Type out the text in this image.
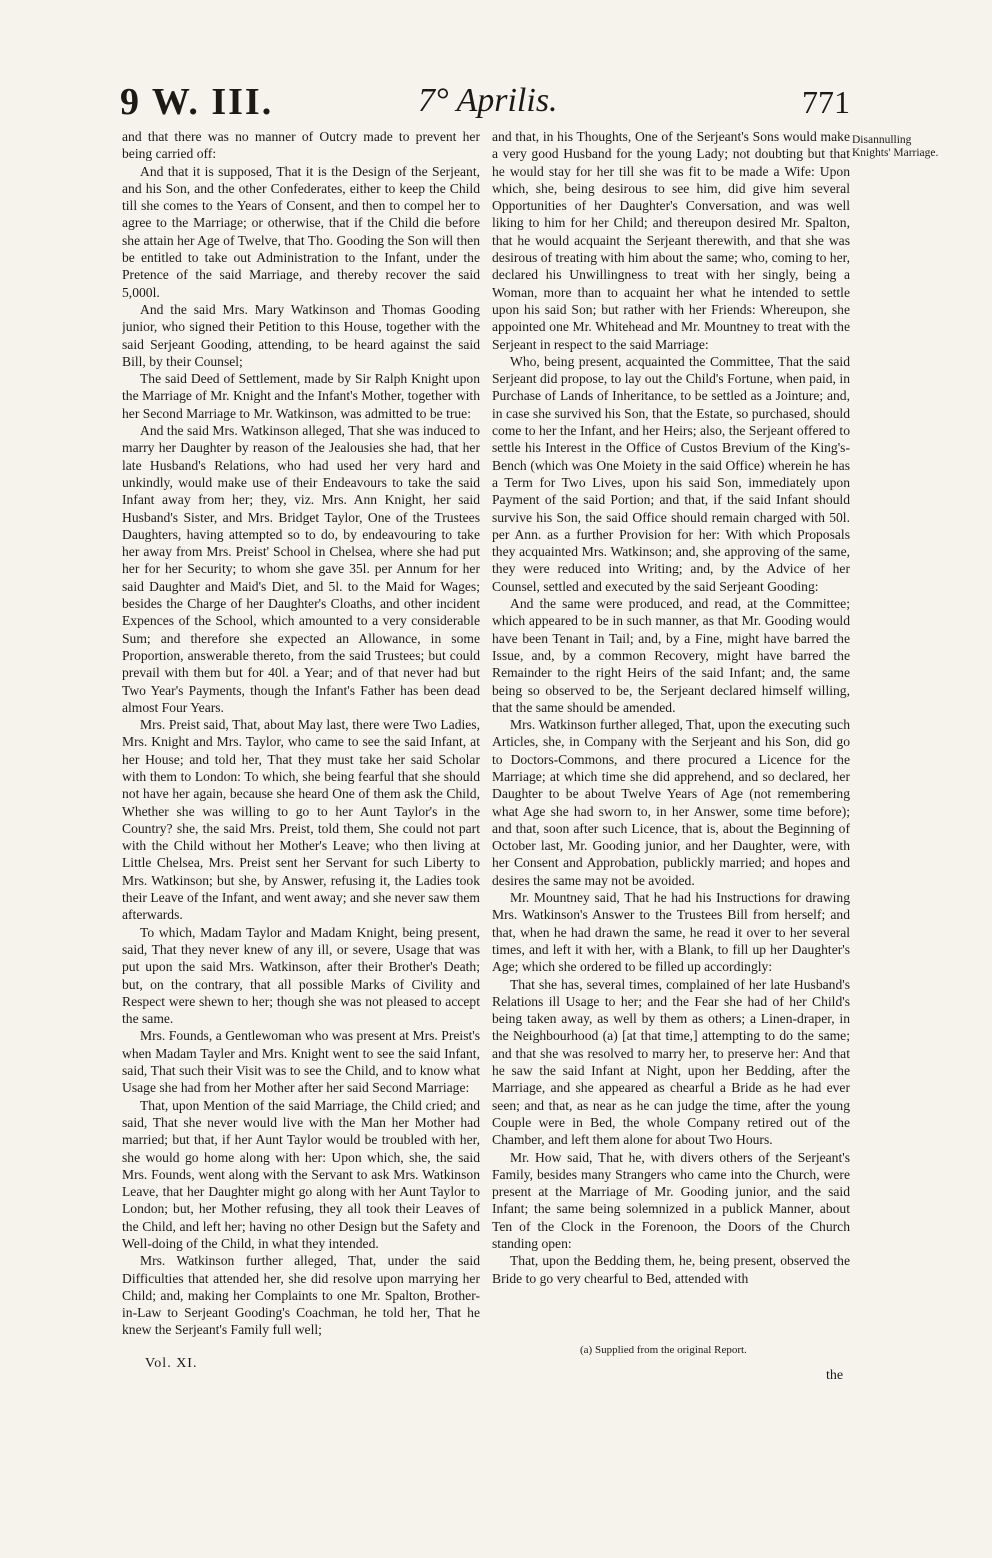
9 W. III.	7° Aprilis.	771

and that there was no manner of Outcry made to prevent her being carried off:

And that it is supposed, That it is the Design of the Serjeant, and his Son, and the other Confederates, either to keep the Child till she comes to the Years of Consent, and then to compel her to agree to the Marriage; or otherwise, that if the Child die before she attain her Age of Twelve, that Tho. Gooding the Son will then be entitled to take out Administration to the Infant, under the Pretence of the said Marriage, and thereby recover the said 5,000l.

And the said Mrs. Mary Watkinson and Thomas Gooding junior, who signed their Petition to this House, together with the said Serjeant Gooding, attending, to be heard against the said Bill, by their Counsel;

The said Deed of Settlement, made by Sir Ralph Knight upon the Marriage of Mr. Knight and the Infant's Mother, together with her Second Marriage to Mr. Watkinson, was admitted to be true:

And the said Mrs. Watkinson alleged, That she was induced to marry her Daughter by reason of the Jealousies she had, that her late Husband's Relations, who had used her very hard and unkindly, would make use of their Endeavours to take the said Infant away from her; they, viz. Mrs. Ann Knight, her said Husband's Sister, and Mrs. Bridget Taylor, One of the Trustees Daughters, having attempted so to do, by endeavouring to take her away from Mrs. Preist' School in Chelsea, where she had put her for her Security; to whom she gave 35l. per Annum for her said Daughter and Maid's Diet, and 5l. to the Maid for Wages; besides the Charge of her Daughter's Cloaths, and other incident Expences of the School, which amounted to a very considerable Sum; and therefore she expected an Allowance, in some Proportion, answerable thereto, from the said Trustees; but could prevail with them but for 40l. a Year; and of that never had but Two Year's Payments, though the Infant's Father has been dead almost Four Years.

Mrs. Preist said, That, about May last, there were Two Ladies, Mrs. Knight and Mrs. Taylor, who came to see the said Infant, at her House; and told her, That they must take her said Scholar with them to London: To which, she being fearful that she should not have her again, because she heard One of them ask the Child, Whether she was willing to go to her Aunt Taylor's in the Country? she, the said Mrs. Preist, told them, She could not part with the Child without her Mother's Leave; who then living at Little Chelsea, Mrs. Preist sent her Servant for such Liberty to Mrs. Watkinson; but she, by Answer, refusing it, the Ladies took their Leave of the Infant, and went away; and she never saw them afterwards.

To which, Madam Taylor and Madam Knight, being present, said, That they never knew of any ill, or severe, Usage that was put upon the said Mrs. Watkinson, after their Brother's Death; but, on the contrary, that all possible Marks of Civility and Respect were shewn to her; though she was not pleased to accept the same.

Mrs. Founds, a Gentlewoman who was present at Mrs. Preist's when Madam Tayler and Mrs. Knight went to see the said Infant, said, That such their Visit was to see the Child, and to know what Usage she had from her Mother after her said Second Marriage:

That, upon Mention of the said Marriage, the Child cried; and said, That she never would live with the Man her Mother had married; but that, if her Aunt Taylor would be troubled with her, she would go home along with her: Upon which, she, the said Mrs. Founds, went along with the Servant to ask Mrs. Watkinson Leave, that her Daughter might go along with her Aunt Taylor to London; but, her Mother refusing, they all took their Leaves of the Child, and left her; having no other Design but the Safety and Well-doing of the Child, in what they intended.

Mrs. Watkinson further alleged, That, under the said Difficulties that attended her, she did resolve upon marrying her Child; and, making her Complaints to one Mr. Spalton, Brother-in-Law to Serjeant Gooding's Coachman, he told her, That he knew the Serjeant's Family full well;

and that, in his Thoughts, One of the Serjeant's Sons would make a very good Husband for the young Lady; not doubting but that he would stay for her till she was fit to be made a Wife: Upon which, she, being desirous to see him, did give him several Opportunities of her Daughter's Conversation, and was well liking to him for her Child; and thereupon desired Mr. Spalton, that he would acquaint the Serjeant therewith, and that she was desirous of treating with him about the same; who, coming to her, declared his Unwillingness to treat with her singly, being a Woman, more than to acquaint her what he intended to settle upon his said Son; but rather with her Friends: Whereupon, she appointed one Mr. Whitehead and Mr. Mountney to treat with the Serjeant in respect to the said Marriage:

Who, being present, acquainted the Committee, That the said Serjeant did propose, to lay out the Child's Fortune, when paid, in Purchase of Lands of Inheritance, to be settled as a Jointure; and, in case she survived his Son, that the Estate, so purchased, should come to her the Infant, and her Heirs; also, the Serjeant offered to settle his Interest in the Office of Custos Brevium of the King's-Bench (which was One Moiety in the said Office) wherein he has a Term for Two Lives, upon his said Son, immediately upon Payment of the said Portion; and that, if the said Infant should survive his Son, the said Office should remain charged with 50l. per Ann. as a further Provision for her: With which Proposals they acquainted Mrs. Watkinson; and, she approving of the same, they were reduced into Writing; and, by the Advice of her Counsel, settled and executed by the said Serjeant Gooding:

And the same were produced, and read, at the Committee; which appeared to be in such manner, as that Mr. Gooding would have been Tenant in Tail; and, by a Fine, might have barred the Issue, and, by a common Recovery, might have barred the Remainder to the right Heirs of the said Infant; and, the same being so observed to be, the Serjeant declared himself willing, that the same should be amended.

Mrs. Watkinson further alleged, That, upon the executing such Articles, she, in Company with the Serjeant and his Son, did go to Doctors-Commons, and there procured a Licence for the Marriage; at which time she did apprehend, and so declared, her Daughter to be about Twelve Years of Age (not remembering what Age she had sworn to, in her Answer, some time before); and that, soon after such Licence, that is, about the Beginning of October last, Mr. Gooding junior, and her Daughter, were, with her Consent and Approbation, publickly married; and hopes and desires the same may not be avoided.

Mr. Mountney said, That he had his Instructions for drawing Mrs. Watkinson's Answer to the Trustees Bill from herself; and that, when he had drawn the same, he read it over to her several times, and left it with her, with a Blank, to fill up her Daughter's Age; which she ordered to be filled up accordingly:

That she has, several times, complained of her late Husband's Relations ill Usage to her; and the Fear she had of her Child's being taken away, as well by them as others; a Linen-draper, in the Neighbourhood (a) [at that time,] attempting to do the same; and that she was resolved to marry her, to preserve her: And that he saw the said Infant at Night, upon her Bedding, after the Marriage, and she appeared as chearful a Bride as he had ever seen; and that, as near as he can judge the time, after the young Couple were in Bed, the whole Company retired out of the Chamber, and left them alone for about Two Hours.

Mr. How said, That he, with divers others of the Serjeant's Family, besides many Strangers who came into the Church, were present at the Marriage of Mr. Gooding junior, and the said Infant; the same being solemnized in a publick Manner, about Ten of the Clock in the Forenoon, the Doors of the Church standing open:

That, upon the Bedding them, he, being present, observed the Bride to go very chearful to Bed, attended with

Disannulling Knights' Marriage.
Vol. XI.
(a) Supplied from the original Report.
the
